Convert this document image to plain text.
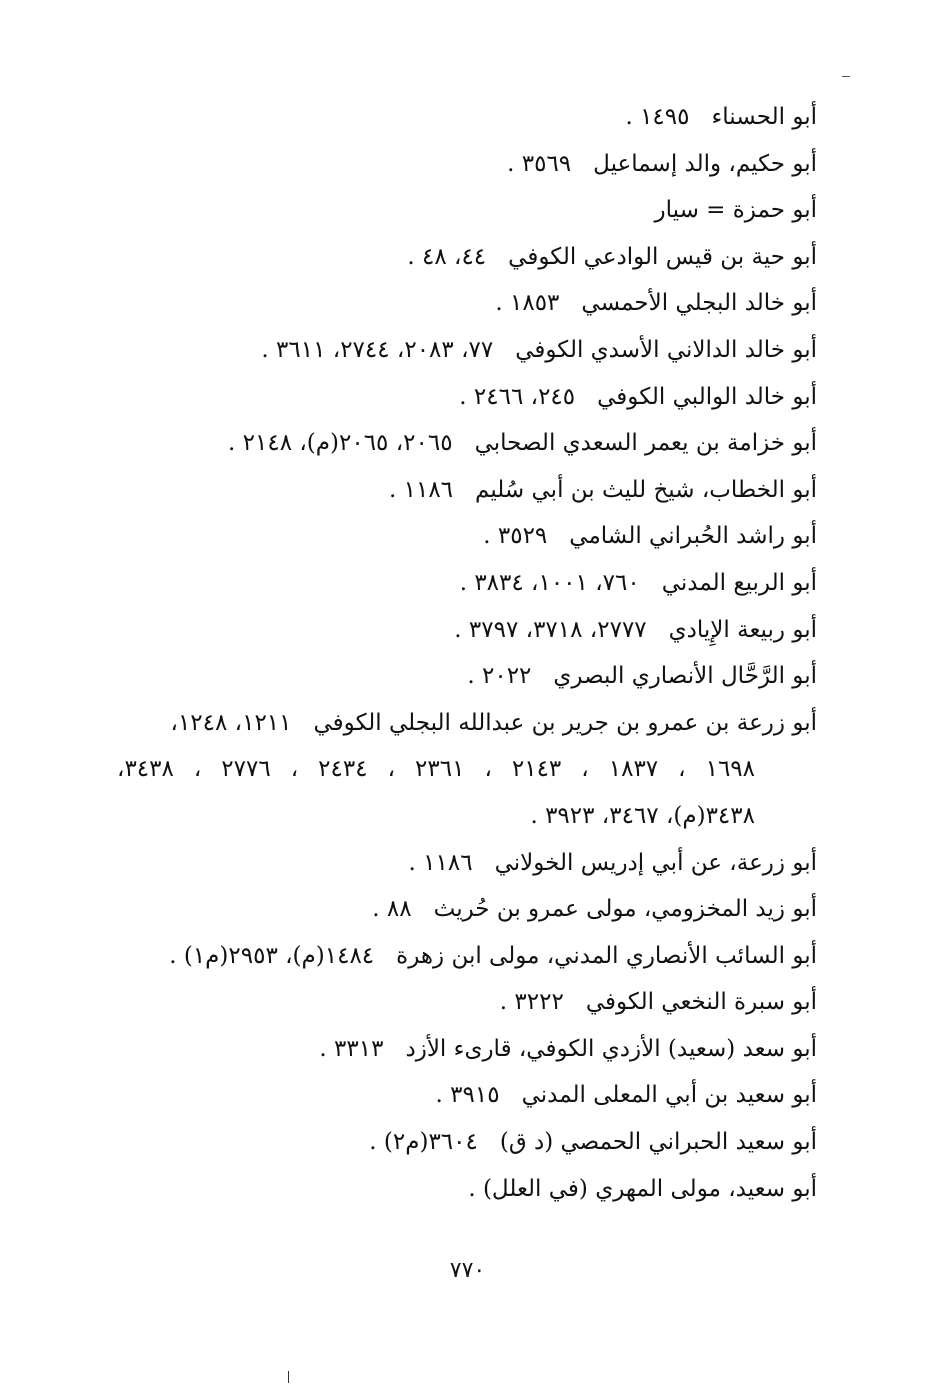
أبو الحسناء١٤٩٥ .
أبو حكيم، والد إسماعيل٣٥٦٩ .
أبو حمزة = سيار
أبو حية بن قيس الوادعي الكوفي٤٤، ٤٨ .
أبو خالد البجلي الأحمسي١٨٥٣ .
أبو خالد الدالاني الأسدي الكوفي٧٧، ٢٠٨٣، ٢٧٤٤، ٣٦١١ .
أبو خالد الوالبي الكوفي٢٤٥، ٢٤٦٦ .
أبو خزامة بن يعمر السعدي الصحابي٢٠٦٥، ٢٠٦٥(م)، ٢١٤٨ .
أبو الخطاب، شيخ لليث بن أبي سُليم١١٨٦ .
أبو راشد الحُبراني الشامي٣٥٢٩ .
أبو الربيع المدني٧٦٠، ١٠٠١، ٣٨٣٤ .
أبو ربيعة الإِيادي٢٧٧٧، ٣٧١٨، ٣٧٩٧ .
أبو الرَّحَّال الأنصاري البصري٢٠٢٢ .
أبو زرعة بن عمرو بن جرير بن عبدالله البجلي الكوفي١٢١١، ١٢٤٨،
١٦٩٨ ، ١٨٣٧ ، ٢١٤٣ ، ٢٣٦١ ، ٢٤٣٤ ، ٢٧٧٦ ، ٣٤٣٨،
٣٤٣٨(م)، ٣٤٦٧، ٣٩٢٣ .
أبو زرعة، عن أبي إدريس الخولاني١١٨٦ .
أبو زيد المخزومي، مولى عمرو بن حُريث٨٨ .
أبو السائب الأنصاري المدني، مولى ابن زهرة١٤٨٤(م)، ٢٩٥٣(م١) .
أبو سبرة النخعي الكوفي٣٢٢٢ .
أبو سعد (سعيد) الأزدي الكوفي، قارىء الأزد٣٣١٣ .
أبو سعيد بن أبي المعلى المدني٣٩١٥ .
أبو سعيد الحبراني الحمصي (د ق)٣٦٠٤(م٢) .
أبو سعيد، مولى المهري (في العلل) .
٧٧٠
